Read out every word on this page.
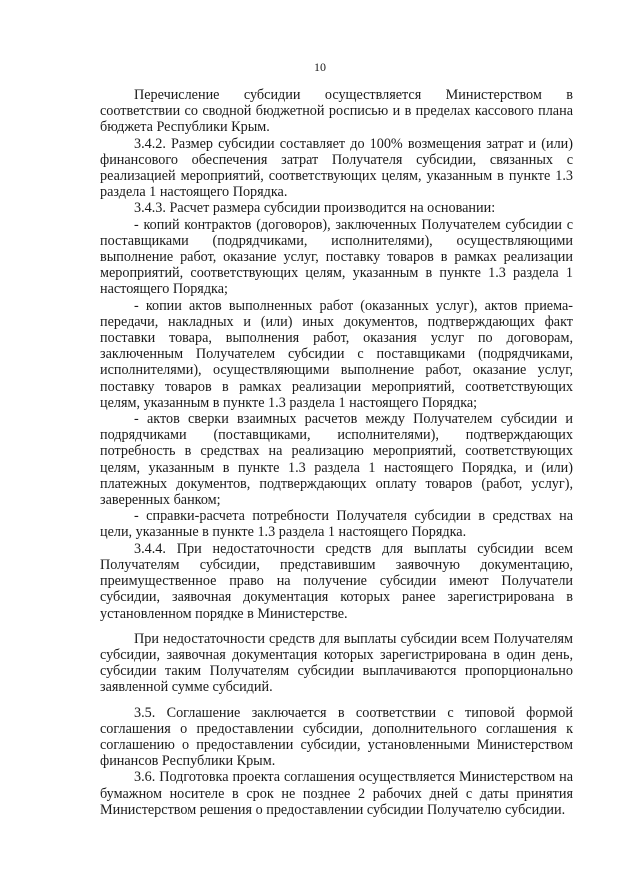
10

Перечисление субсидии осуществляется Министерством в соответствии со сводной бюджетной росписью и в пределах кассового плана бюджета Республики Крым.

3.4.2. Размер субсидии составляет до 100% возмещения затрат и (или) финансового обеспечения затрат Получателя субсидии, связанных с реализацией мероприятий, соответствующих целям, указанным в пункте 1.3 раздела 1 настоящего Порядка.

3.4.3. Расчет размера субсидии производится на основании:

- копий контрактов (договоров), заключенных Получателем субсидии с поставщиками (подрядчиками, исполнителями), осуществляющими выполнение работ, оказание услуг, поставку товаров в рамках реализации мероприятий, соответствующих целям, указанным в пункте 1.3 раздела 1 настоящего Порядка;

- копии актов выполненных работ (оказанных услуг), актов приема-передачи, накладных и (или) иных документов, подтверждающих факт поставки товара, выполнения работ, оказания услуг по договорам, заключенным Получателем субсидии с поставщиками (подрядчиками, исполнителями), осуществляющими выполнение работ, оказание услуг, поставку товаров в рамках реализации мероприятий, соответствующих целям, указанным в пункте 1.3 раздела 1 настоящего Порядка;

- актов сверки взаимных расчетов между Получателем субсидии и подрядчиками (поставщиками, исполнителями), подтверждающих потребность в средствах на реализацию мероприятий, соответствующих целям, указанным в пункте 1.3 раздела 1 настоящего Порядка, и (или) платежных документов, подтверждающих оплату товаров (работ, услуг), заверенных банком;

- справки-расчета потребности Получателя субсидии в средствах на цели, указанные в пункте 1.3 раздела 1 настоящего Порядка.

3.4.4. При недостаточности средств для выплаты субсидии всем Получателям субсидии, представившим заявочную документацию, преимущественное право на получение субсидии имеют Получатели субсидии, заявочная документация которых ранее зарегистрирована в установленном порядке в Министерстве.

При недостаточности средств для выплаты субсидии всем Получателям субсидии, заявочная документация которых зарегистрирована в один день, субсидии таким Получателям субсидии выплачиваются пропорционально заявленной сумме субсидий.

3.5. Соглашение заключается в соответствии с типовой формой соглашения о предоставлении субсидии, дополнительного соглашения к соглашению о предоставлении субсидии, установленными Министерством финансов Республики Крым.

3.6. Подготовка проекта соглашения осуществляется Министерством на бумажном носителе в срок не позднее 2 рабочих дней с даты принятия Министерством решения о предоставлении субсидии Получателю субсидии.
